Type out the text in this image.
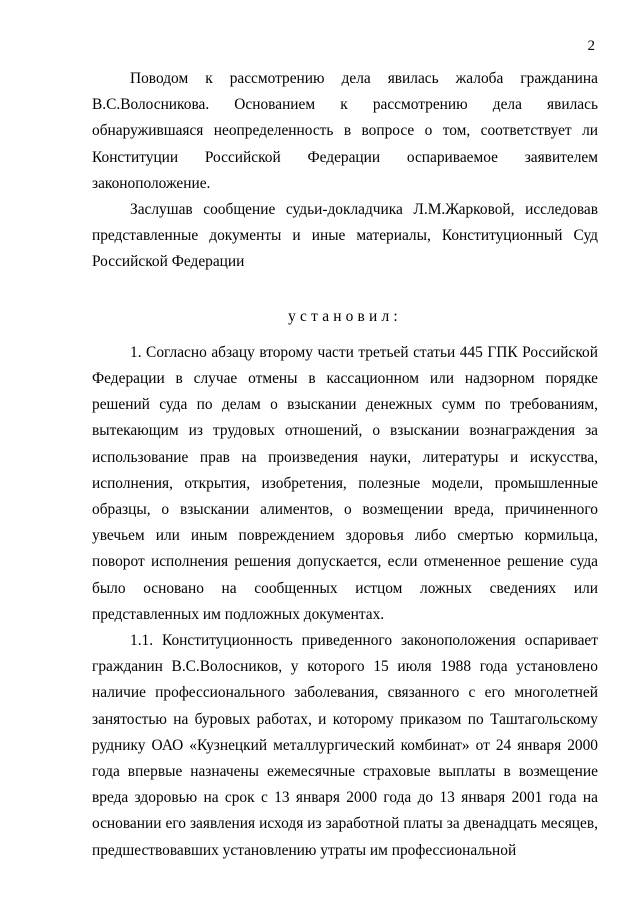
2

Поводом к рассмотрению дела явилась жалоба гражданина В.С.Волосникова. Основанием к рассмотрению дела явилась обнаружившаяся неопределенность в вопросе о том, соответствует ли Конституции Российской Федерации оспариваемое заявителем законоположение.

Заслушав сообщение судьи-докладчика Л.М.Жарковой, исследовав представленные документы и иные материалы, Конституционный Суд Российской Федерации

установил:

1. Согласно абзацу второму части третьей статьи 445 ГПК Российской Федерации в случае отмены в кассационном или надзорном порядке решений суда по делам о взыскании денежных сумм по требованиям, вытекающим из трудовых отношений, о взыскании вознаграждения за использование прав на произведения науки, литературы и искусства, исполнения, открытия, изобретения, полезные модели, промышленные образцы, о взыскании алиментов, о возмещении вреда, причиненного увечьем или иным повреждением здоровья либо смертью кормильца, поворот исполнения решения допускается, если отмененное решение суда было основано на сообщенных истцом ложных сведениях или представленных им подложных документах.

1.1. Конституционность приведенного законоположения оспаривает гражданин В.С.Волосников, у которого 15 июля 1988 года установлено наличие профессионального заболевания, связанного с его многолетней занятостью на буровых работах, и которому приказом по Таштагольскому руднику ОАО «Кузнецкий металлургический комбинат» от 24 января 2000 года впервые назначены ежемесячные страховые выплаты в возмещение вреда здоровью на срок с 13 января 2000 года до 13 января 2001 года на основании его заявления исходя из заработной платы за двенадцать месяцев, предшествовавших установлению утраты им профессиональной
